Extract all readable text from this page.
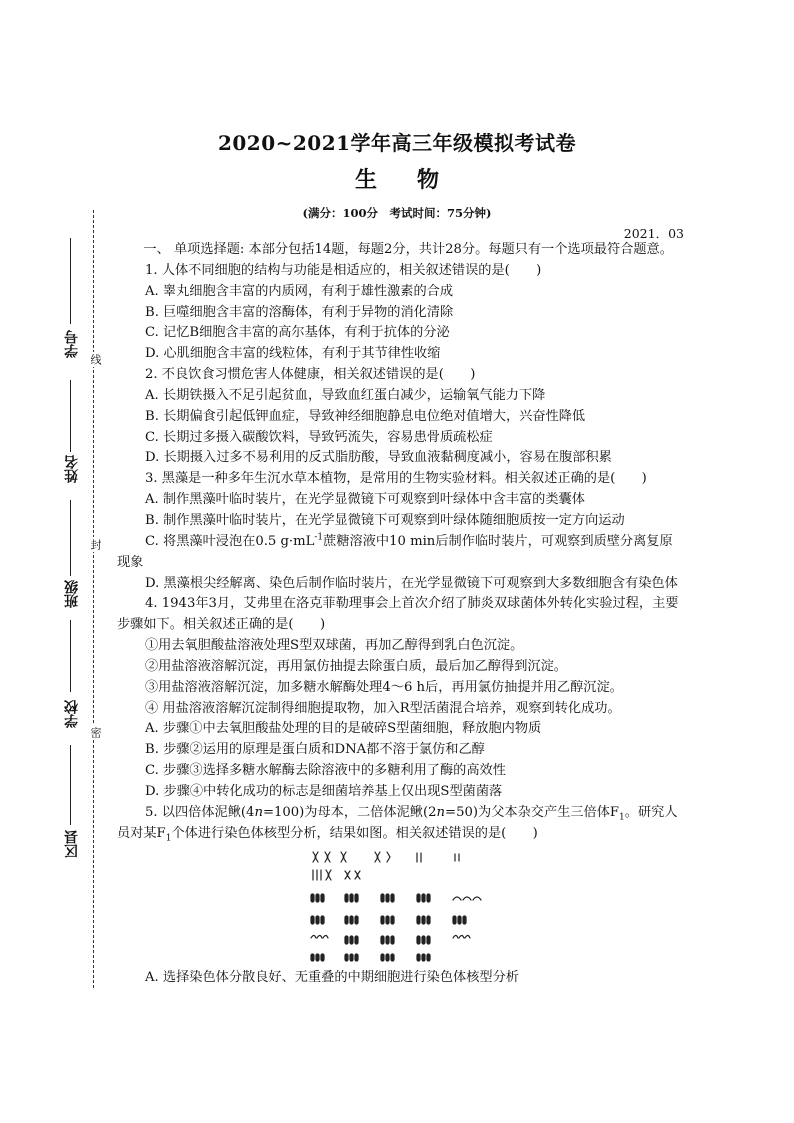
学号
姓名
班级
学校
区县
线
封
密
2020~2021学年高三年级模拟考试卷
生物
(满分：100分　考试时间：75分钟)
2021．03

一、 单项选择题: 本部分包括14题，每题2分，共计28分。每题只有一个选项最符合题意。

1. 人体不同细胞的结构与功能是相适应的，相关叙述错误的是(　　)

A. 睾丸细胞含丰富的内质网，有利于雄性激素的合成

B. 巨噬细胞含丰富的溶酶体，有利于异物的消化清除

C. 记忆B细胞含丰富的高尔基体，有利于抗体的分泌

D. 心肌细胞含丰富的线粒体，有利于其节律性收缩

2. 不良饮食习惯危害人体健康，相关叙述错误的是(　　)

A. 长期铁摄入不足引起贫血，导致血红蛋白减少，运输氧气能力下降

B. 长期偏食引起低钾血症，导致神经细胞静息电位绝对值增大，兴奋性降低

C. 长期过多摄入碳酸饮料，导致钙流失，容易患骨质疏松症

D. 长期摄入过多不易利用的反式脂肪酸，导致血液黏稠度减小，容易在腹部积累

3. 黑藻是一种多年生沉水草本植物，是常用的生物实验材料。相关叙述正确的是(　　)

A. 制作黑藻叶临时装片，在光学显微镜下可观察到叶绿体中含丰富的类囊体

B. 制作黑藻叶临时装片，在光学显微镜下可观察到叶绿体随细胞质按一定方向运动

C. 将黑藻叶浸泡在0.5 $g\cdot mL^{-1}$蔗糖溶液中10 min后制作临时装片，可观察到质壁分离复原现象

D. 黑藻根尖经解离、染色后制作临时装片，在光学显微镜下可观察到大多数细胞含有染色体

4. 1943年3月，艾弗里在洛克菲勒理事会上首次介绍了肺炎双球菌体外转化实验过程，主要步骤如下。相关叙述正确的是(　　)

①用去氧胆酸盐溶液处理S型双球菌，再加乙醇得到乳白色沉淀。

②用盐溶液溶解沉淀，再用氯仿抽提去除蛋白质，最后加乙醇得到沉淀。

③用盐溶液溶解沉淀，加多糖水解酶处理4～6 h后，再用氯仿抽提并用乙醇沉淀。

④ 用盐溶液溶解沉淀制得细胞提取物，加入R型活菌混合培养，观察到转化成功。

A. 步骤①中去氧胆酸盐处理的目的是破碎S型菌细胞，释放胞内物质

B. 步骤②运用的原理是蛋白质和DNA都不溶于氯仿和乙醇

C. 步骤③选择多糖水解酶去除溶液中的多糖利用了酶的高效性

D. 步骤④中转化成功的标志是细菌培养基上仅出现S型菌菌落

5. 以四倍体泥鳅(4n=100)为母本，二倍体泥鳅(2n=50)为父本杂交产生三倍体$F_1$。研究人员对某$F_1$个体进行染色体核型分析，结果如图。相关叙述错误的是(　　)

A. 选择染色体分散良好、无重叠的中期细胞进行染色体核型分析
